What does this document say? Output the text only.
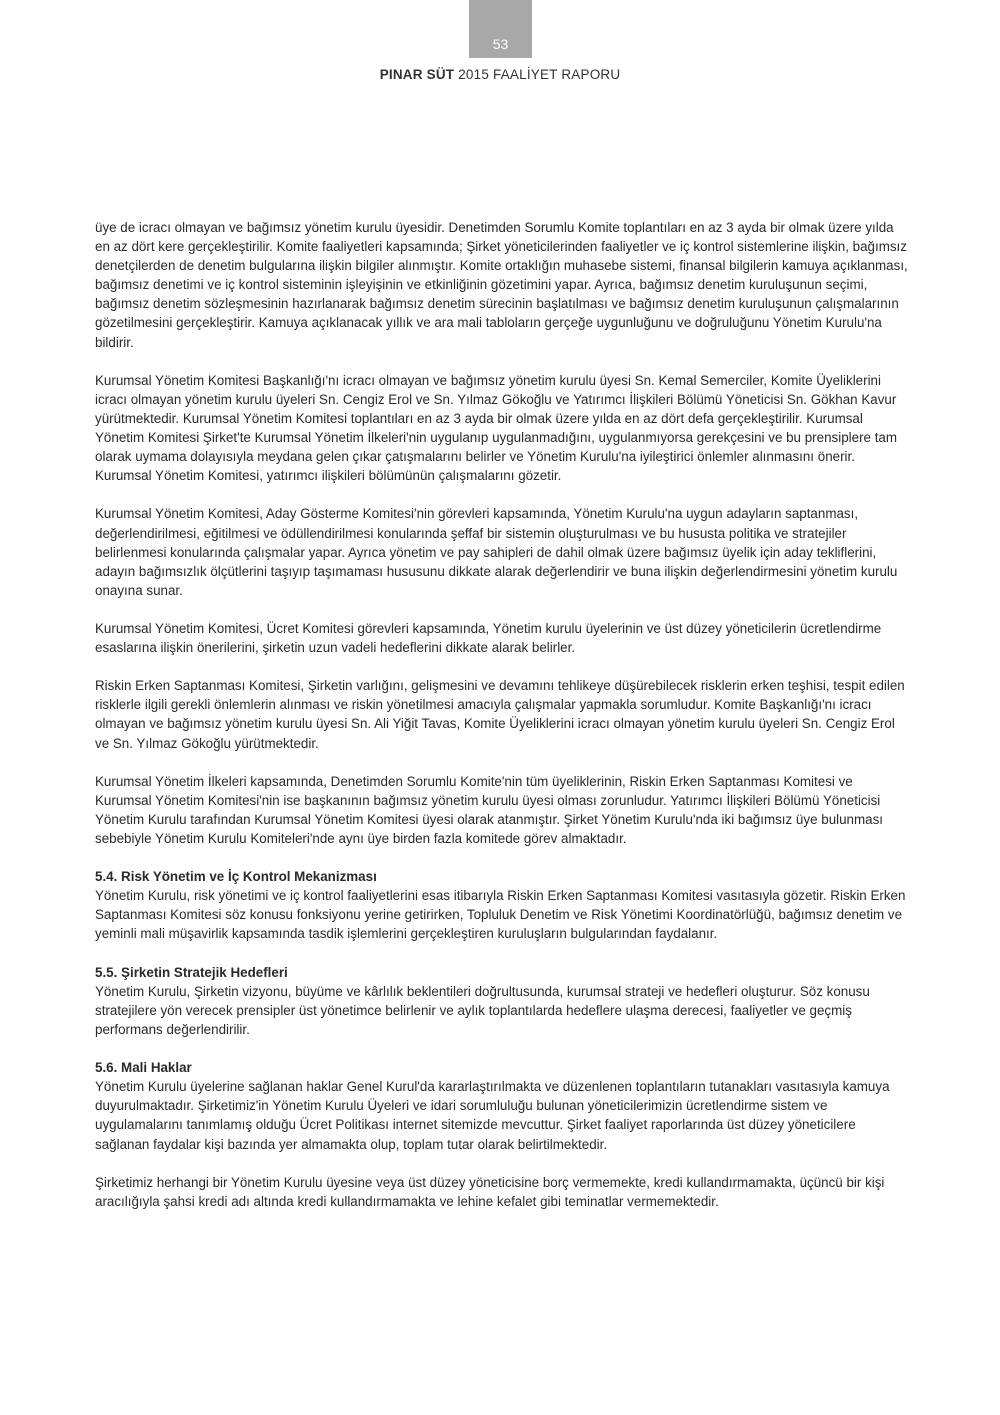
53
PINAR SÜT 2015 FAALİYET RAPORU

üye de icracı olmayan ve bağımsız yönetim kurulu üyesidir. Denetimden Sorumlu Komite toplantıları en az 3 ayda bir olmak üzere yılda en az dört kere gerçekleştirilir. Komite faaliyetleri kapsamında; Şirket yöneticilerinden faaliyetler ve iç kontrol sistemlerine ilişkin, bağımsız denetçilerden de denetim bulgularına ilişkin bilgiler alınmıştır. Komite ortaklığın muhasebe sistemi, finansal bilgilerin kamuya açıklanması, bağımsız denetimi ve iç kontrol sisteminin işleyişinin ve etkinliğinin gözetimini yapar. Ayrıca, bağımsız denetim kuruluşunun seçimi, bağımsız denetim sözleşmesinin hazırlanarak bağımsız denetim sürecinin başlatılması ve bağımsız denetim kuruluşunun çalışmalarının gözetilmesini gerçekleştirir. Kamuya açıklanacak yıllık ve ara mali tabloların gerçeğe uygunluğunu ve doğruluğunu Yönetim Kurulu'na bildirir.

Kurumsal Yönetim Komitesi Başkanlığı'nı icracı olmayan ve bağımsız yönetim kurulu üyesi Sn. Kemal Semerciler, Komite Üyeliklerini icracı olmayan yönetim kurulu üyeleri Sn. Cengiz Erol ve Sn. Yılmaz Gökoğlu ve Yatırımcı İlişkileri Bölümü Yöneticisi Sn. Gökhan Kavur yürütmektedir. Kurumsal Yönetim Komitesi toplantıları en az 3 ayda bir olmak üzere yılda en az dört defa gerçekleştirilir. Kurumsal Yönetim Komitesi Şirket'te Kurumsal Yönetim İlkeleri'nin uygulanıp uygulanmadığını, uygulanmıyorsa gerekçesini ve bu prensiplere tam olarak uymama dolayısıyla meydana gelen çıkar çatışmalarını belirler ve Yönetim Kurulu'na iyileştirici önlemler alınmasını önerir. Kurumsal Yönetim Komitesi, yatırımcı ilişkileri bölümünün çalışmalarını gözetir.

Kurumsal Yönetim Komitesi, Aday Gösterme Komitesi'nin görevleri kapsamında, Yönetim Kurulu'na uygun adayların saptanması, değerlendirilmesi, eğitilmesi ve ödüllendirilmesi konularında şeffaf bir sistemin oluşturulması ve bu hususta politika ve stratejiler belirlenmesi konularında çalışmalar yapar. Ayrıca yönetim ve pay sahipleri de dahil olmak üzere bağımsız üyelik için aday tekliflerini, adayın bağımsızlık ölçütlerini taşıyıp taşımaması hususunu dikkate alarak değerlendirir ve buna ilişkin değerlendirmesini yönetim kurulu onayına sunar.

Kurumsal Yönetim Komitesi, Ücret Komitesi görevleri kapsamında, Yönetim kurulu üyelerinin ve üst düzey yöneticilerin ücretlendirme esaslarına ilişkin önerilerini, şirketin uzun vadeli hedeflerini dikkate alarak belirler.

Riskin Erken Saptanması Komitesi, Şirketin varlığını, gelişmesini ve devamını tehlikeye düşürebilecek risklerin erken teşhisi, tespit edilen risklerle ilgili gerekli önlemlerin alınması ve riskin yönetilmesi amacıyla çalışmalar yapmakla sorumludur. Komite Başkanlığı'nı icracı olmayan ve bağımsız yönetim kurulu üyesi Sn. Ali Yiğit Tavas, Komite Üyeliklerini icracı olmayan yönetim kurulu üyeleri Sn. Cengiz Erol ve Sn. Yılmaz Gökoğlu yürütmektedir.

Kurumsal Yönetim İlkeleri kapsamında, Denetimden Sorumlu Komite'nin tüm üyeliklerinin, Riskin Erken Saptanması Komitesi ve Kurumsal Yönetim Komitesi'nin ise başkanının bağımsız yönetim kurulu üyesi olması zorunludur. Yatırımcı İlişkileri Bölümü Yöneticisi Yönetim Kurulu tarafından Kurumsal Yönetim Komitesi üyesi olarak atanmıştır. Şirket Yönetim Kurulu'nda iki bağımsız üye bulunması sebebiyle Yönetim Kurulu Komiteleri'nde aynı üye birden fazla komitede görev almaktadır.

5.4. Risk Yönetim ve İç Kontrol Mekanizması

Yönetim Kurulu, risk yönetimi ve iç kontrol faaliyetlerini esas itibarıyla Riskin Erken Saptanması Komitesi vasıtasıyla gözetir. Riskin Erken Saptanması Komitesi söz konusu fonksiyonu yerine getirirken, Topluluk Denetim ve Risk Yönetimi Koordinatörlüğü, bağımsız denetim ve yeminli mali müşavirlik kapsamında tasdik işlemlerini gerçekleştiren kuruluşların bulgularından faydalanır.

5.5. Şirketin Stratejik Hedefleri

Yönetim Kurulu, Şirketin vizyonu, büyüme ve kârlılık beklentileri doğrultusunda, kurumsal strateji ve hedefleri oluşturur. Söz konusu stratejilere yön verecek prensipler üst yönetimce belirlenir ve aylık toplantılarda hedeflere ulaşma derecesi, faaliyetler ve geçmiş performans değerlendirilir.

5.6. Mali Haklar

Yönetim Kurulu üyelerine sağlanan haklar Genel Kurul'da kararlaştırılmakta ve düzenlenen toplantıların tutanakları vasıtasıyla kamuya duyurulmaktadır. Şirketimiz'in Yönetim Kurulu Üyeleri ve idari sorumluluğu bulunan yöneticilerimizin ücretlendirme sistem ve uygulamalarını tanımlamış olduğu Ücret Politikası internet sitemizde mevcuttur. Şirket faaliyet raporlarında üst düzey yöneticilere sağlanan faydalar kişi bazında yer almamakta olup, toplam tutar olarak belirtilmektedir.

Şirketimiz herhangi bir Yönetim Kurulu üyesine veya üst düzey yöneticisine borç vermemekte, kredi kullandırmamakta, üçüncü bir kişi aracılığıyla şahsi kredi adı altında kredi kullandırmamakta ve lehine kefalet gibi teminatlar vermemektedir.
